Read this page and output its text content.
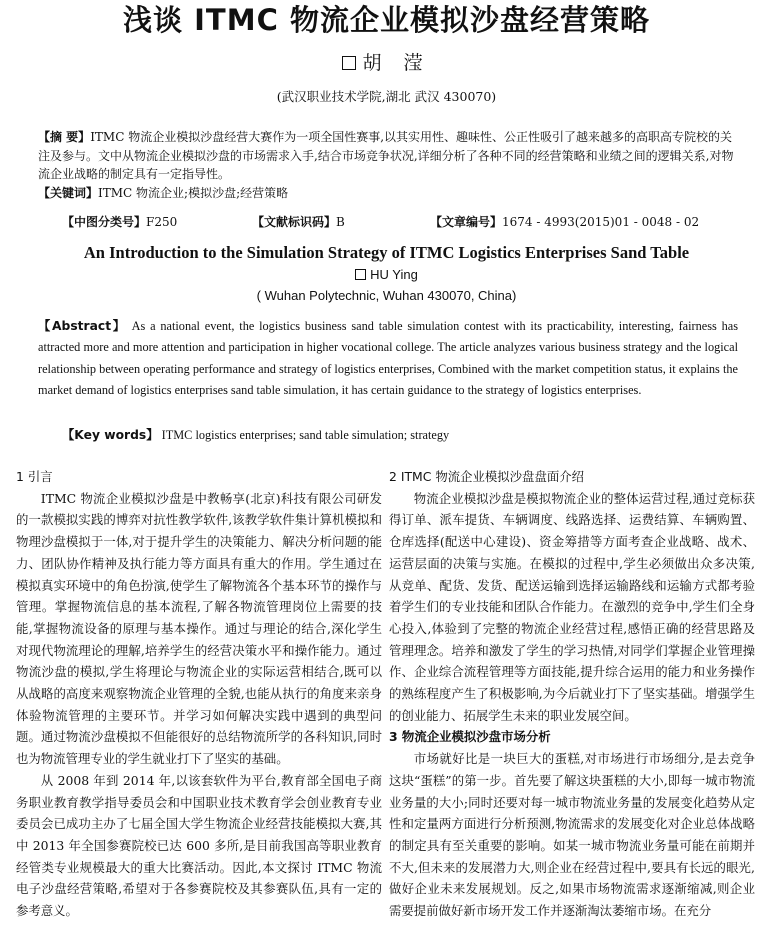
浅谈 ITMC 物流企业模拟沙盘经营策略
胡 滢
(武汉职业技术学院,湖北 武汉 430070)
【摘 要】ITMC 物流企业模拟沙盘经营大赛作为一项全国性赛事,以其实用性、趣味性、公正性吸引了越来越多的高职高专院校的关注及参与。文中从物流企业模拟沙盘的市场需求入手,结合市场竞争状况,详细分析了各种不同的经营策略和业绩之间的逻辑关系,对物流企业战略的制定具有一定指导性。
【关键词】ITMC 物流企业;模拟沙盘;经营策略
【中图分类号】F250	【文献标识码】B	【文章编号】1674 - 4993(2015)01 - 0048 - 02
An Introduction to the Simulation Strategy of ITMC Logistics Enterprises Sand Table
HU Ying
( Wuhan Polytechnic, Wuhan 430070, China)
【Abstract】 As a national event, the logistics business sand table simulation contest with its practicability, interesting, fairness has attracted more and more attention and participation in higher vocational college. The article analyzes various business strategy and the logical relationship between operating performance and strategy of logistics enterprises, Combined with the market competition status, it explains the market demand of logistics enterprises sand table simulation, it has certain guidance to the strategy of logistics enterprises.
【Key words】 ITMC logistics enterprises; sand table simulation; strategy

1 引言

ITMC 物流企业模拟沙盘是中教畅享(北京)科技有限公司研发的一款模拟实践的博弈对抗性教学软件,该教学软件集计算机模拟和物理沙盘模拟于一体,对于提升学生的决策能力、解决分析问题的能力、团队协作精神及执行能力等方面具有重大的作用。学生通过在模拟真实环境中的角色扮演,使学生了解物流各个基本环节的操作与管理。掌握物流信息的基本流程,了解各物流管理岗位上需要的技能,掌握物流设备的原理与基本操作。通过与理论的结合,深化学生对现代物流理论的理解,培养学生的经营决策水平和操作能力。通过物流沙盘的模拟,学生将理论与物流企业的实际运营相结合,既可以从战略的高度来观察物流企业管理的全貌,也能从执行的角度来亲身体验物流管理的主要环节。并学习如何解决实践中遇到的典型问题。通过物流沙盘模拟不但能很好的总结物流所学的各科知识,同时也为物流管理专业的学生就业打下了坚实的基础。

从 2008 年到 2014 年,以该套软件为平台,教育部全国电子商务职业教育教学指导委员会和中国职业技术教育学会创业教育专业委员会已成功主办了七届全国大学生物流企业经营技能模拟大赛,其中 2013 年全国参赛院校已达 600 多所,是目前我国高等职业教育经管类专业规模最大的重大比赛活动。因此,本文探讨 ITMC 物流电子沙盘经营策略,希望对于各参赛院校及其参赛队伍,具有一定的参考意义。

2 ITMC 物流企业模拟沙盘盘面介绍

物流企业模拟沙盘是模拟物流企业的整体运营过程,通过竞标获得订单、派车提货、车辆调度、线路选择、运费结算、车辆购置、仓库选择(配送中心建设)、资金筹措等方面考查企业战略、战术、运营层面的决策与实施。在模拟的过程中,学生必须做出众多决策,从竞单、配货、发货、配送运输到选择运输路线和运输方式都考验着学生们的专业技能和团队合作能力。在激烈的竞争中,学生们全身心投入,体验到了完整的物流企业经营过程,感悟正确的经营思路及管理理念。培养和激发了学生的学习热情,对同学们掌握企业管理操作、企业综合流程管理等方面技能,提升综合运用的能力和业务操作的熟练程度产生了积极影响,为今后就业打下了坚实基础。增强学生的创业能力、拓展学生未来的职业发展空间。

3 物流企业模拟沙盘市场分析

市场就好比是一块巨大的蛋糕,对市场进行市场细分,是去竞争这块“蛋糕”的第一步。首先要了解这块蛋糕的大小,即每一城市物流业务量的大小;同时还要对每一城市物流业务量的发展变化趋势从定性和定量两方面进行分析预测,物流需求的发展变化对企业总体战略的制定具有至关重要的影响。如某一城市物流业务量可能在前期并不大,但未来的发展潜力大,则企业在经营过程中,要具有长远的眼光,做好企业未来发展规划。反之,如果市场物流需求逐渐缩减,则企业需要提前做好新市场开发工作并逐渐淘汰萎缩市场。在充分
